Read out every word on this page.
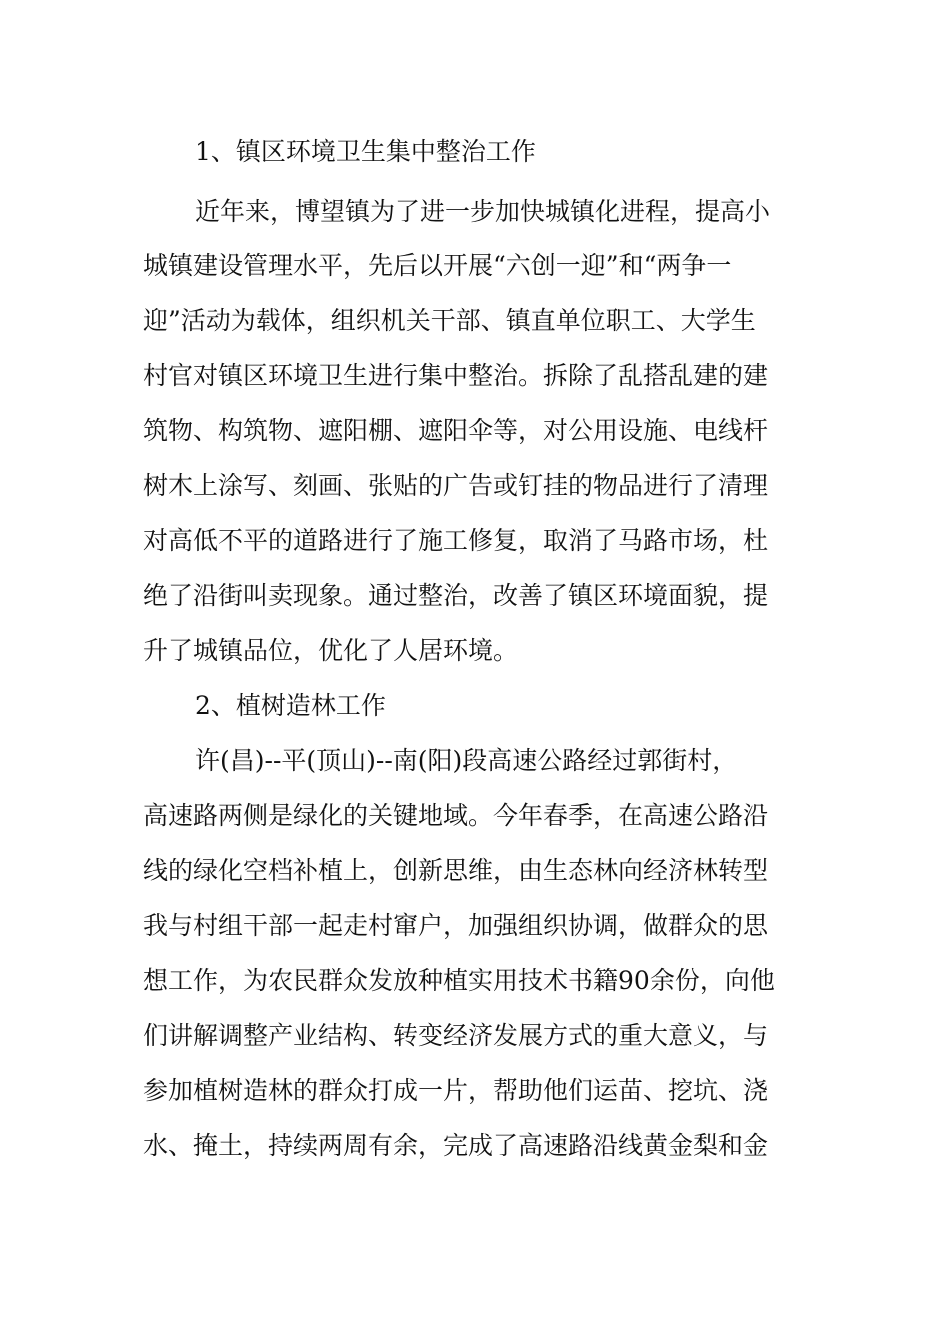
1、镇区环境卫生集中整治工作
近年来，博望镇为了进一步加快城镇化进程，提高小
城镇建设管理水平，先后以开展“六创一迎”和“两争一
迎”活动为载体，组织机关干部、镇直单位职工、大学生
村官对镇区环境卫生进行集中整治。拆除了乱搭乱建的建
筑物、构筑物、遮阳棚、遮阳伞等，对公用设施、电线杆
树木上涂写、刻画、张贴的广告或钉挂的物品进行了清理
对高低不平的道路进行了施工修复，取消了马路市场，杜
绝了沿街叫卖现象。通过整治，改善了镇区环境面貌，提
升了城镇品位，优化了人居环境。
2、植树造林工作
许(昌)--平(顶山)--南(阳)段高速公路经过郭街村，
高速路两侧是绿化的关键地域。今年春季，在高速公路沿
线的绿化空档补植上，创新思维，由生态林向经济林转型
我与村组干部一起走村窜户，加强组织协调，做群众的思
想工作，为农民群众发放种植实用技术书籍90余份，向他
们讲解调整产业结构、转变经济发展方式的重大意义，与
参加植树造林的群众打成一片，帮助他们运苗、挖坑、浇
水、掩土，持续两周有余，完成了高速路沿线黄金梨和金
